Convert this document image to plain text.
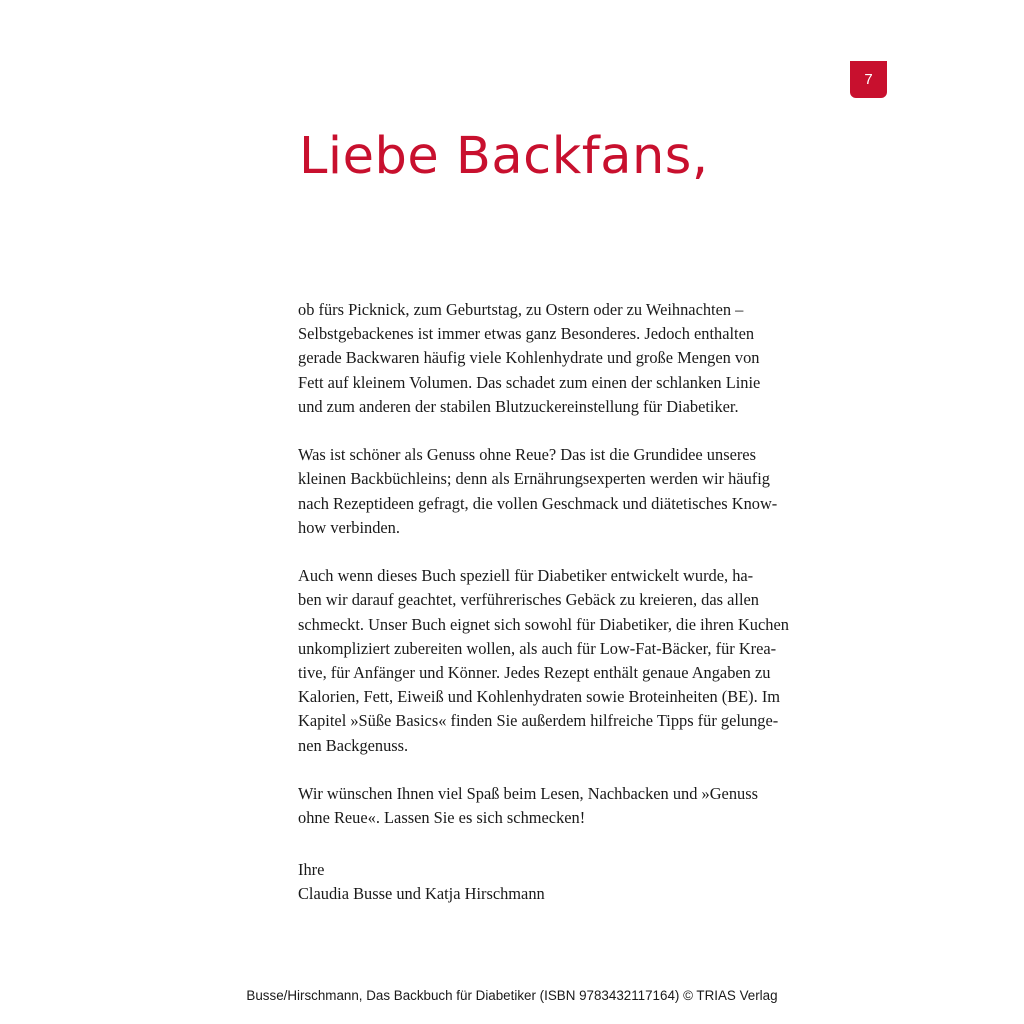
7
Liebe Backfans,

ob fürs Picknick, zum Geburtstag, zu Ostern oder zu Weihnachten –
Selbstgebackenes ist immer etwas ganz Besonderes. Jedoch enthalten
gerade Backwaren häufig viele Kohlenhydrate und große Mengen von
Fett auf kleinem Volumen. Das schadet zum einen der schlanken Linie
und zum anderen der stabilen Blutzuckereinstellung für Diabetiker.

Was ist schöner als Genuss ohne Reue? Das ist die Grundidee unseres
kleinen Backbüchleins; denn als Ernährungsexperten werden wir häufig
nach Rezeptideen gefragt, die vollen Geschmack und diätetisches Know-
how verbinden.

Auch wenn dieses Buch speziell für Diabetiker entwickelt wurde, ha-
ben wir darauf geachtet, verführerisches Gebäck zu kreieren, das allen
schmeckt. Unser Buch eignet sich sowohl für Diabetiker, die ihren Kuchen
unkompliziert zubereiten wollen, als auch für Low-Fat-Bäcker, für Krea-
tive, für Anfänger und Könner. Jedes Rezept enthält genaue Angaben zu
Kalorien, Fett, Eiweiß und Kohlenhydraten sowie Broteinheiten (BE). Im
Kapitel »Süße Basics« finden Sie außerdem hilfreiche Tipps für gelunge-
nen Backgenuss.

Wir wünschen Ihnen viel Spaß beim Lesen, Nachbacken und »Genuss
ohne Reue«. Lassen Sie es sich schmecken!

Ihre
Claudia Busse und Katja Hirschmann
Busse/Hirschmann, Das Backbuch für Diabetiker (ISBN 9783432117164) © TRIAS Verlag
